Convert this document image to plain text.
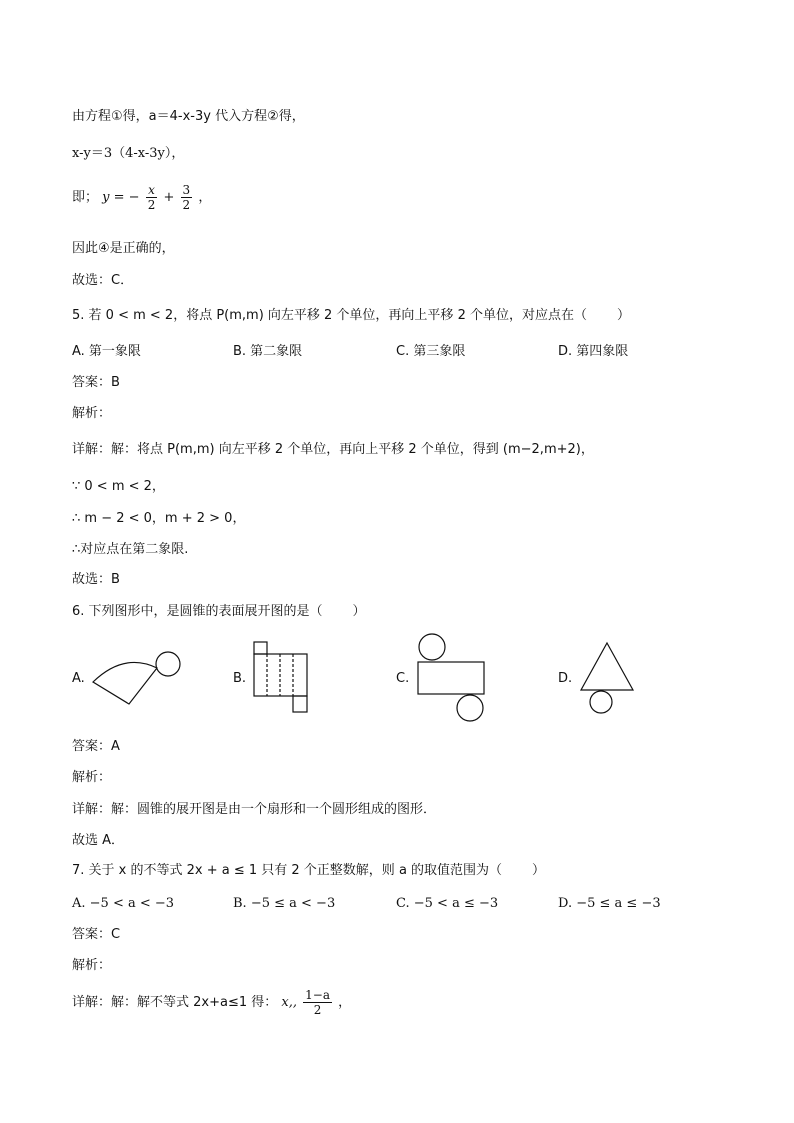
由方程①得，a＝4-x-3y 代入方程②得，
x-y＝3（4-x-3y），
即； y = − $\frac{x}{2} + \frac{3}{2}$ ，
因此④是正确的，
故选：C．
5. 若 0 < m < 2，将点 P(m,m) 向左平移 2 个单位，再向上平移 2 个单位，对应点在（ ）
A. 第一象限	B. 第二象限	C. 第三象限	D. 第四象限
答案：B
解析：
详解：解：将点 P(m,m) 向左平移 2 个单位，再向上平移 2 个单位，得到 (m−2,m+2)，
∵ 0 < m < 2，
∴ m − 2 < 0，m + 2 > 0，
∴对应点在第二象限.
故选：B
6. 下列图形中，是圆锥的表面展开图的是（ ）
A.	B.	C.	D.
答案：A
解析：
详解：解：圆锥的展开图是由一个扇形和一个圆形组成的图形．
故选 A．
7. 关于 x 的不等式 2x + a ≤ 1 只有 2 个正整数解，则 a 的取值范围为（ ）
A. −5 < a < −3	B. −5 ≤ a < −3	C. −5 < a ≤ −3	D. −5 ≤ a ≤ −3
答案：C
解析：
详解：解：解不等式 2x+a≤1 得： x,, $\frac{1-a}{2}$ ，
